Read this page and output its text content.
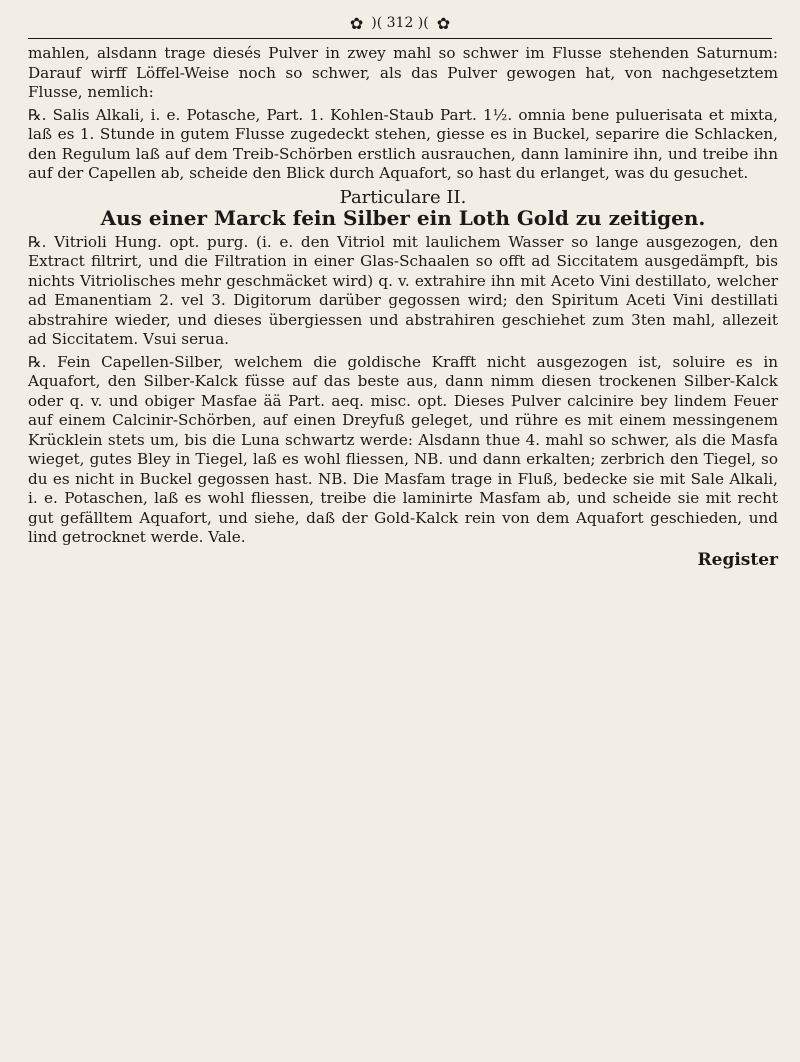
✿ )( 312 )( ✿

mahlen, alsdann trage diesés Pulver in zwey mahl so schwer im Flusse stehenden Saturnum: Darauf wirff Löffel-Weise noch so schwer, als das Pulver gewogen hat, von nachgesetztem Flusse, nemlich:

℞. Salis Alkali, i. e. Potasche, Part. 1. Kohlen-Staub Part. 1½. omnia bene puluerisata et mixta, laß es 1. Stunde in gutem Flusse zugedeckt stehen, giesse es in Buckel, separire die Schlacken, den Regulum laß auf dem Treib-Schörben erstlich ausrauchen, dann laminire ihn, und treibe ihn auf der Capellen ab, scheide den Blick durch Aquafort, so hast du erlanget, was du gesuchet.

Particulare II.
Aus einer Marck fein Silber ein Loth Gold zu zeitigen.

℞. Vitrioli Hung. opt. purg. (i. e. den Vitriol mit laulichem Wasser so lange ausgezogen, den Extract filtrirt, und die Filtration in einer Glas-Schaalen so offt ad Siccitatem ausgedämpft, bis nichts Vitriolisches mehr geschmäcket wird) q. v. extrahire ihn mit Aceto Vini destillato, welcher ad Emanentiam 2. vel 3. Digitorum darüber gegossen wird; den Spiritum Aceti Vini destillati abstrahire wieder, und dieses übergiessen und abstrahiren geschiehet zum 3ten mahl, allezeit ad Siccitatem. Vsui serua.

℞. Fein Capellen-Silber, welchem die goldische Krafft nicht ausgezogen ist, soluire es in Aquafort, den Silber-Kalck füsse auf das beste aus, dann nimm diesen trockenen Silber-Kalck oder q. v. und obiger Masfae ää Part. aeq. misc. opt. Dieses Pulver calcinire bey lindem Feuer auf einem Calcinir-Schörben, auf einen Dreyfuß geleget, und rühre es mit einem messingenem Krücklein stets um, bis die Luna schwartz werde: Alsdann thue 4. mahl so schwer, als die Masfa wieget, gutes Bley in Tiegel, laß es wohl fliessen, NB. und dann erkalten; zerbrich den Tiegel, so du es nicht in Buckel gegossen hast. NB. Die Masfam trage in Fluß, bedecke sie mit Sale Alkali, i. e. Potaschen, laß es wohl fliessen, treibe die laminirte Masfam ab, und scheide sie mit recht gut gefälltem Aquafort, und siehe, daß der Gold-Kalck rein von dem Aquafort geschieden, und lind getrocknet werde. Vale.

Register
